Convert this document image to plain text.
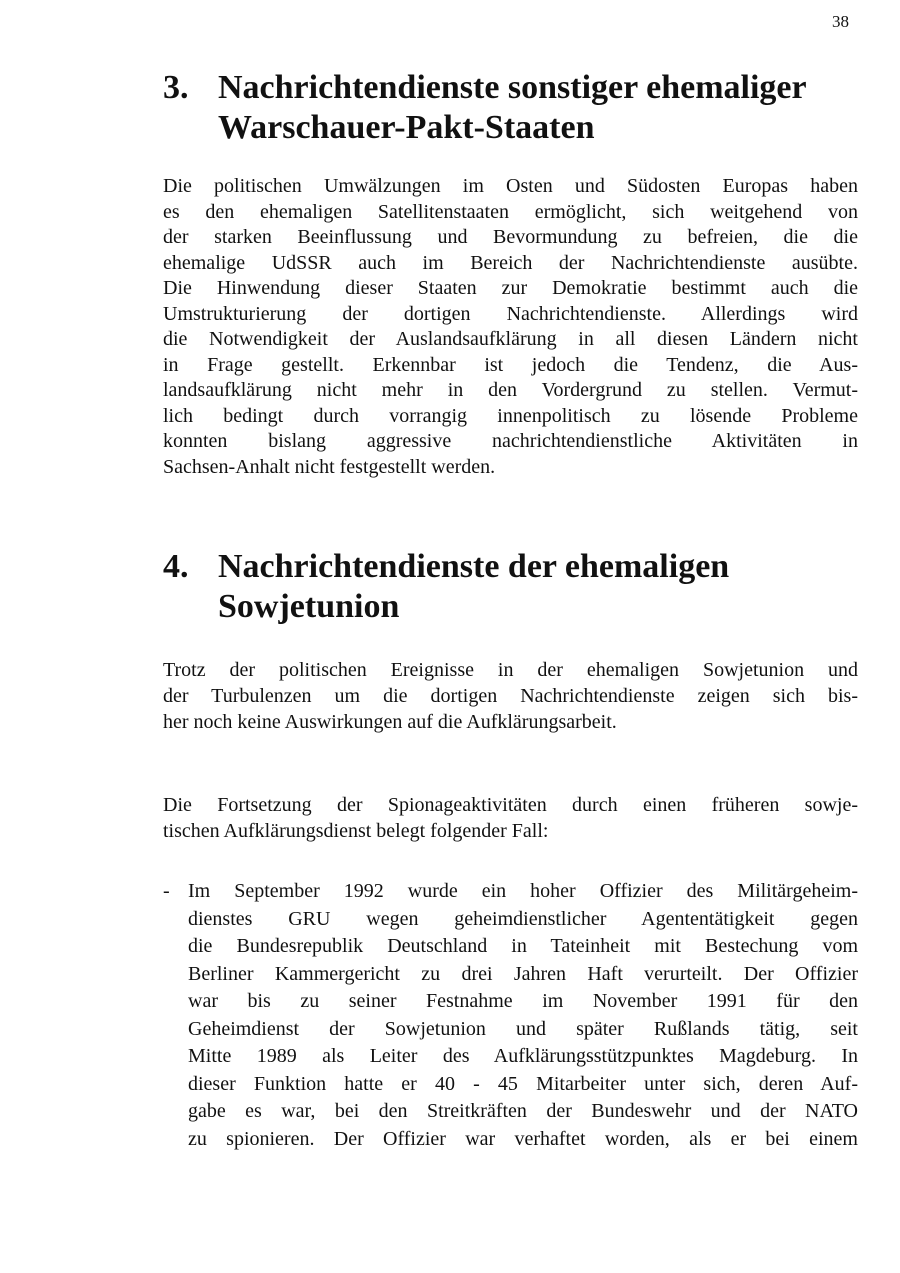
38
3. Nachrichtendienste sonstiger ehemaliger
Warschauer-Pakt-Staaten
Die politischen Umwälzungen im Osten und Südosten Europas haben
es den ehemaligen Satellitenstaaten ermöglicht, sich weitgehend von
der starken Beeinflussung und Bevormundung zu befreien, die die
ehemalige UdSSR auch im Bereich der Nachrichtendienste ausübte.
Die Hinwendung dieser Staaten zur Demokratie bestimmt auch die
Umstrukturierung der dortigen Nachrichtendienste. Allerdings wird
die Notwendigkeit der Auslandsaufklärung in all diesen Ländern nicht
in Frage gestellt. Erkennbar ist jedoch die Tendenz, die Aus-
landsaufklärung nicht mehr in den Vordergrund zu stellen. Vermut-
lich bedingt durch vorrangig innenpolitisch zu lösende Probleme
konnten bislang aggressive nachrichtendienstliche Aktivitäten in
Sachsen-Anhalt nicht festgestellt werden.
4. Nachrichtendienste der ehemaligen
Sowjetunion
Trotz der politischen Ereignisse in der ehemaligen Sowjetunion und
der Turbulenzen um die dortigen Nachrichtendienste zeigen sich bis-
her noch keine Auswirkungen auf die Aufklärungsarbeit.
Die Fortsetzung der Spionageaktivitäten durch einen früheren sowje-
tischen Aufklärungsdienst belegt folgender Fall:
- Im September 1992 wurde ein hoher Offizier des Militärgeheim-
dienstes GRU wegen geheimdienstlicher Agententätigkeit gegen
die Bundesrepublik Deutschland in Tateinheit mit Bestechung vom
Berliner Kammergericht zu drei Jahren Haft verurteilt. Der Offizier
war bis zu seiner Festnahme im November 1991 für den
Geheimdienst der Sowjetunion und später Rußlands tätig, seit
Mitte 1989 als Leiter des Aufklärungsstützpunktes Magdeburg. In
dieser Funktion hatte er 40 - 45 Mitarbeiter unter sich, deren Auf-
gabe es war, bei den Streitkräften der Bundeswehr und der NATO
zu spionieren. Der Offizier war verhaftet worden, als er bei einem
